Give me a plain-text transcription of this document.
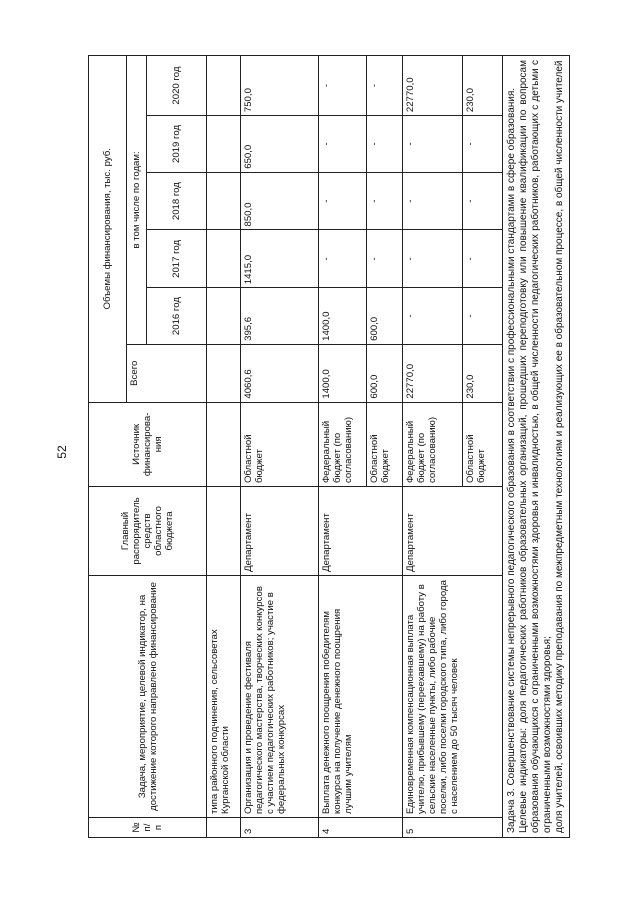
52
№ п/п	Задача, мероприятие, целевой индикатор, на достижение которого направлено финансирование	Главный распорядитель средств областного бюджета	Источник финансирова-ния	Объемы финансирования, тыс. руб.					
				Всего	в том числе по годам:				
					2016 год	2017 год	2018 год	2019 год	2020 год
	типа районного подчинения, сельсоветах Курганской области								
3	Организация и проведение фестиваля педагогического мастерства, творческих конкурсов с участием педагогических работников; участие в федеральных конкурсах	Департамент	Областной бюджет	4060,6	395,6	1415,0	850,0	650,0	750,0
4	Выплата денежного поощрения победителям конкурса на получение денежного поощрения лучшим учителям	Департамент	Федеральный бюджет (по согласованию)	1400,0	1400,0	-	-	-	-
			Областной бюджет	600,0	600,0	-	-	-	-
5	Единовременная компенсационная выплата учителю, прибывшему (переехавшему) на работу в сельские населенные пункты, либо рабочие поселки, либо поселки городского типа, либо города с населением до 50 тысяч человек	Департамент	Федеральный бюджет (по согласованию)	22770,0	-	-	-	-	22770,0
			Областной бюджет	230,0	-	-	-	-	230,0

Задача 3. Совершенствование системы непрерывного педагогического образования в соответствии с профессиональными стандартами в сфере образования. Целевые индикаторы: доля педагогических работников образовательных организаций, прошедших переподготовку или повышение квалификации по вопросам образования обучающихся с ограниченными возможностями здоровья и инвалидностью, в общей численности педагогических работников, работающих с детьми с ограниченными возможностями здоровья; доля учителей, освоивших методику преподавания по межпредметным технологиям и реализующих ее в образовательном процессе, в общей численности учителей									
